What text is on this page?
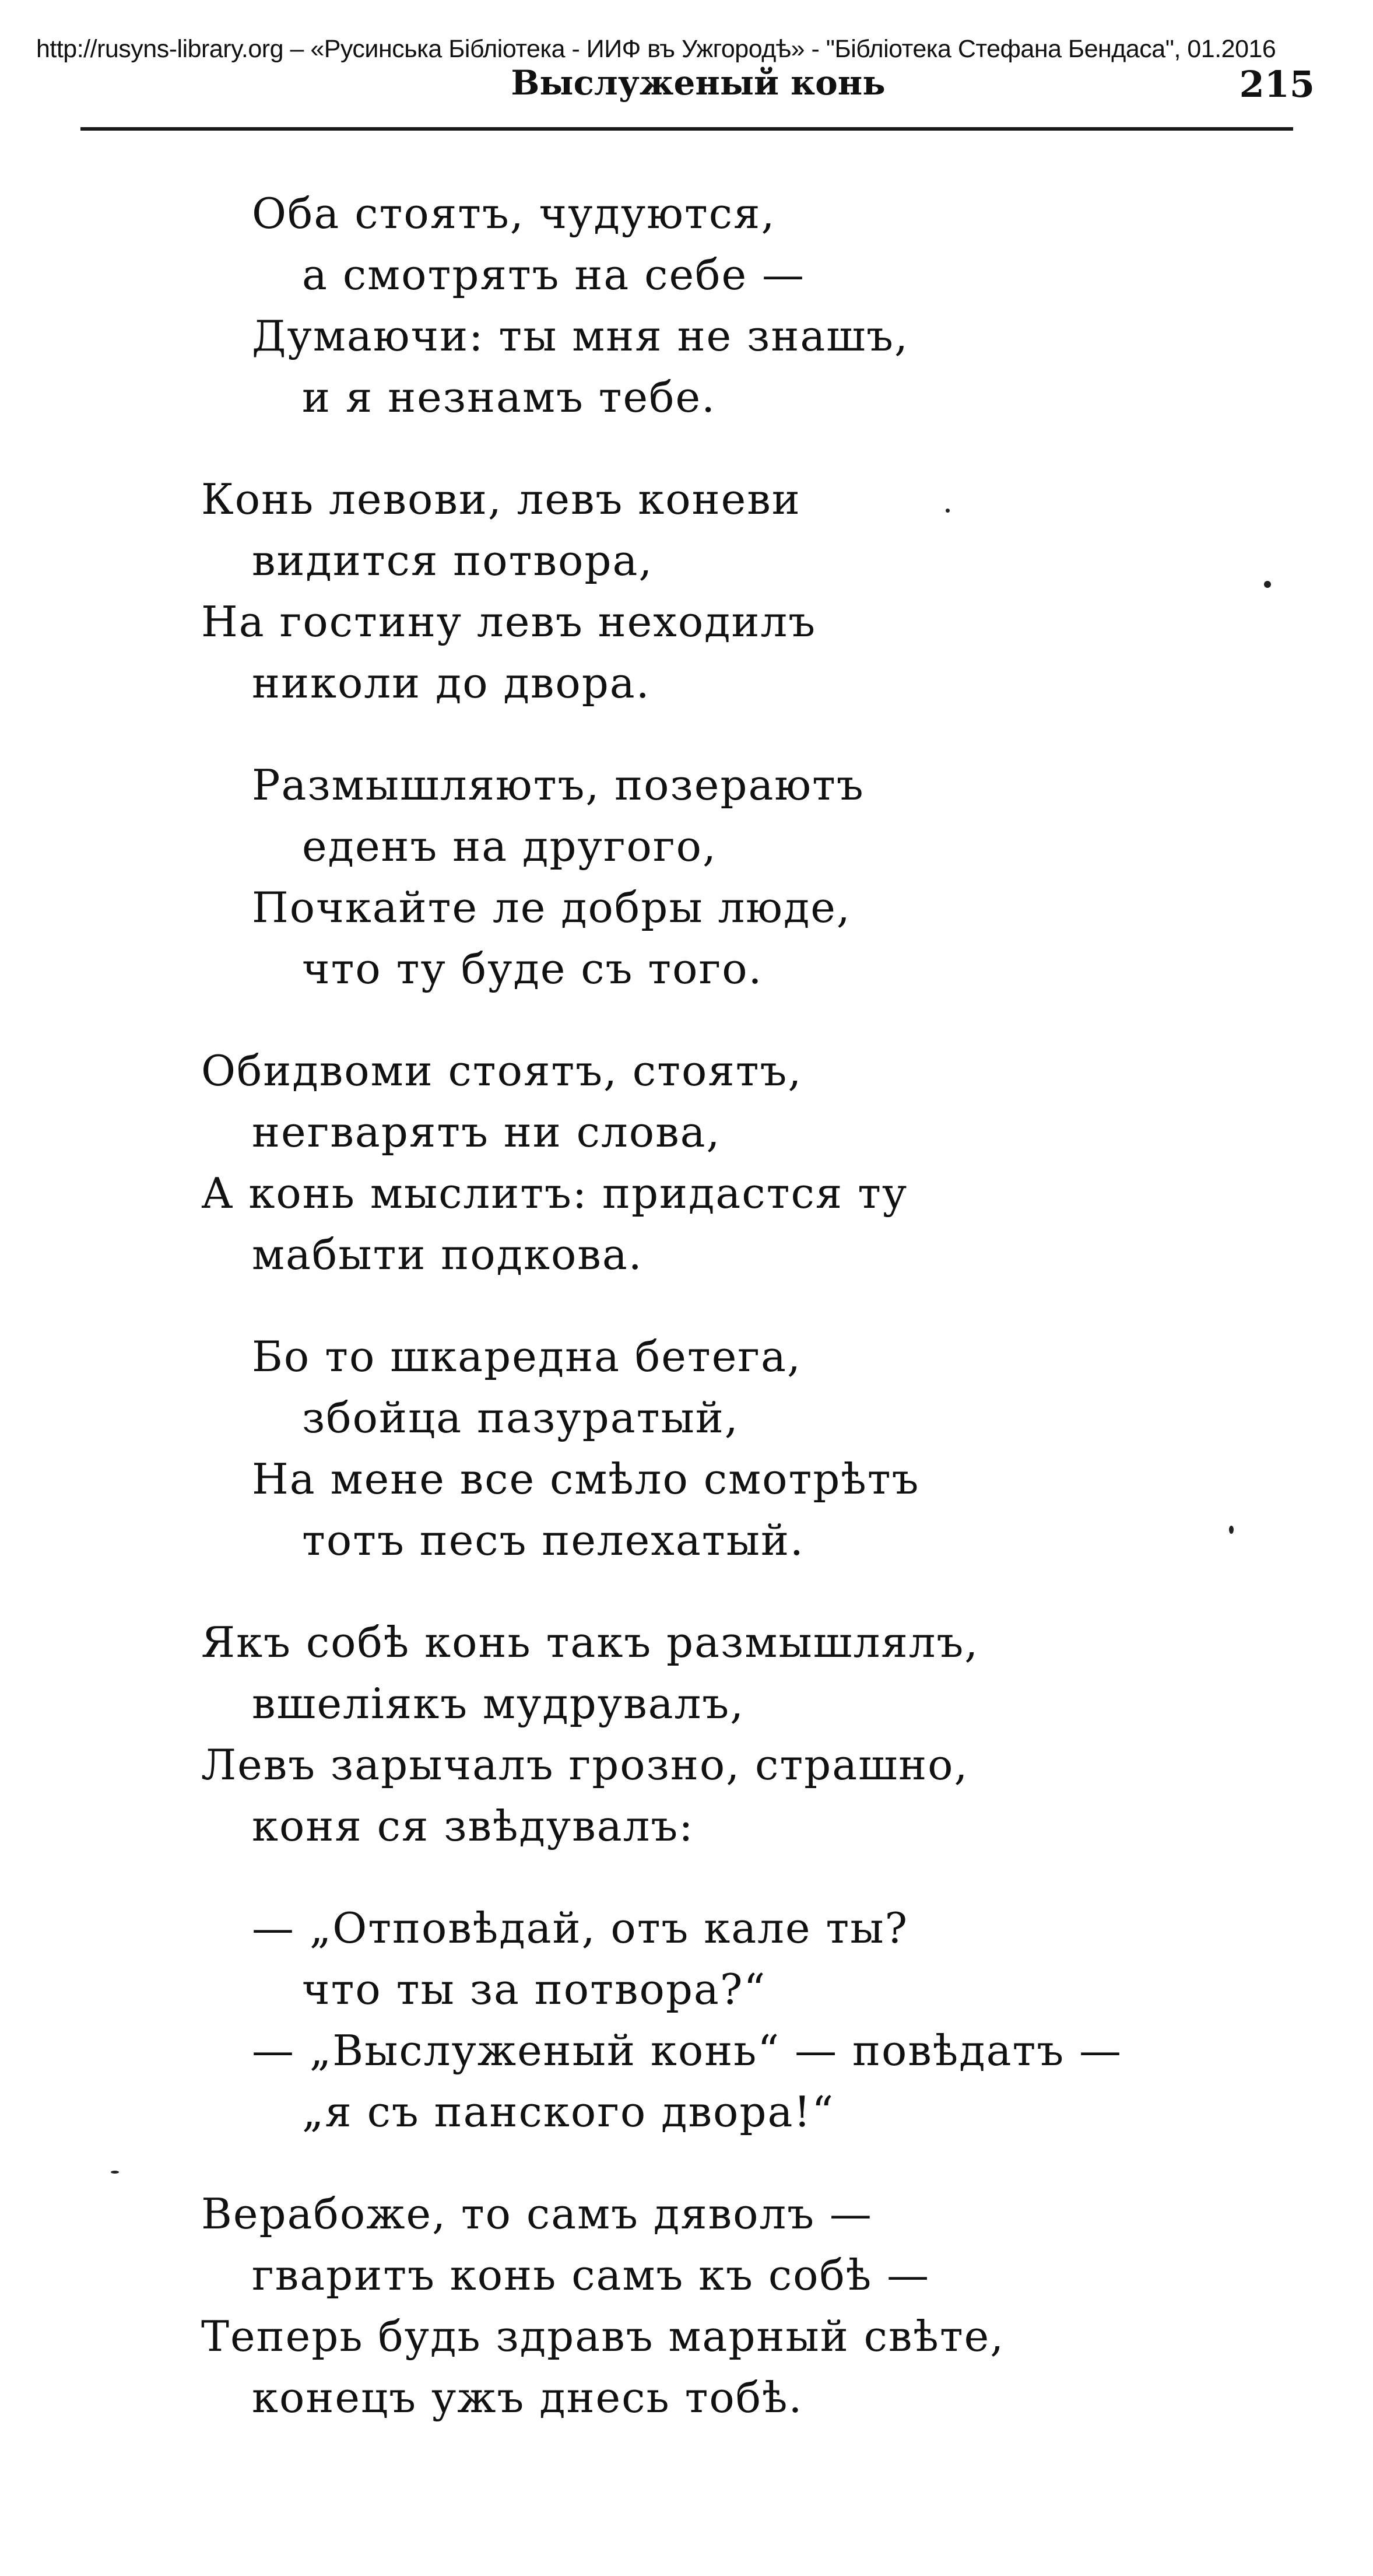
http://rusyns-library.org – «Русинська Бібліотека - ИИФ въ Ужгородѣ» - "Бібліотека Стефана Бендаса", 01.2016
Выслуженый конь	215
Оба стоятъ, чудуются,
а смотрятъ на себе —
Думаючи: ты мня не знашъ,
и я незнамъ тебе.
Конь левови, левъ коневи
видится потвора,
На гостину левъ неходилъ
николи до двора.
Размышляютъ, позераютъ
еденъ на другого,
Почкайте ле добры люде,
что ту буде съ того.
Обидвоми стоятъ, стоятъ,
негварятъ ни слова,
А конь мыслитъ: придастся ту
мабыти подкова.
Бо то шкаредна бетега,
збойца пазуратый,
На мене все смѣло смотрѣтъ
тотъ песъ пелехатый.
Якъ собѣ конь такъ размышлялъ,
вшеліякъ мудрувалъ,
Левъ зарычалъ грозно, страшно,
коня ся звѣдувалъ:
— „Отповѣдай, отъ кале ты?
что ты за потвора?“
— „Выслуженый конь“ — повѣдатъ —
„я съ панского двора!“
Верабоже, то самъ дяволъ —
гваритъ конь самъ къ собѣ —
Теперь будь здравъ марный свѣте,
конецъ ужъ днесь тобѣ.
